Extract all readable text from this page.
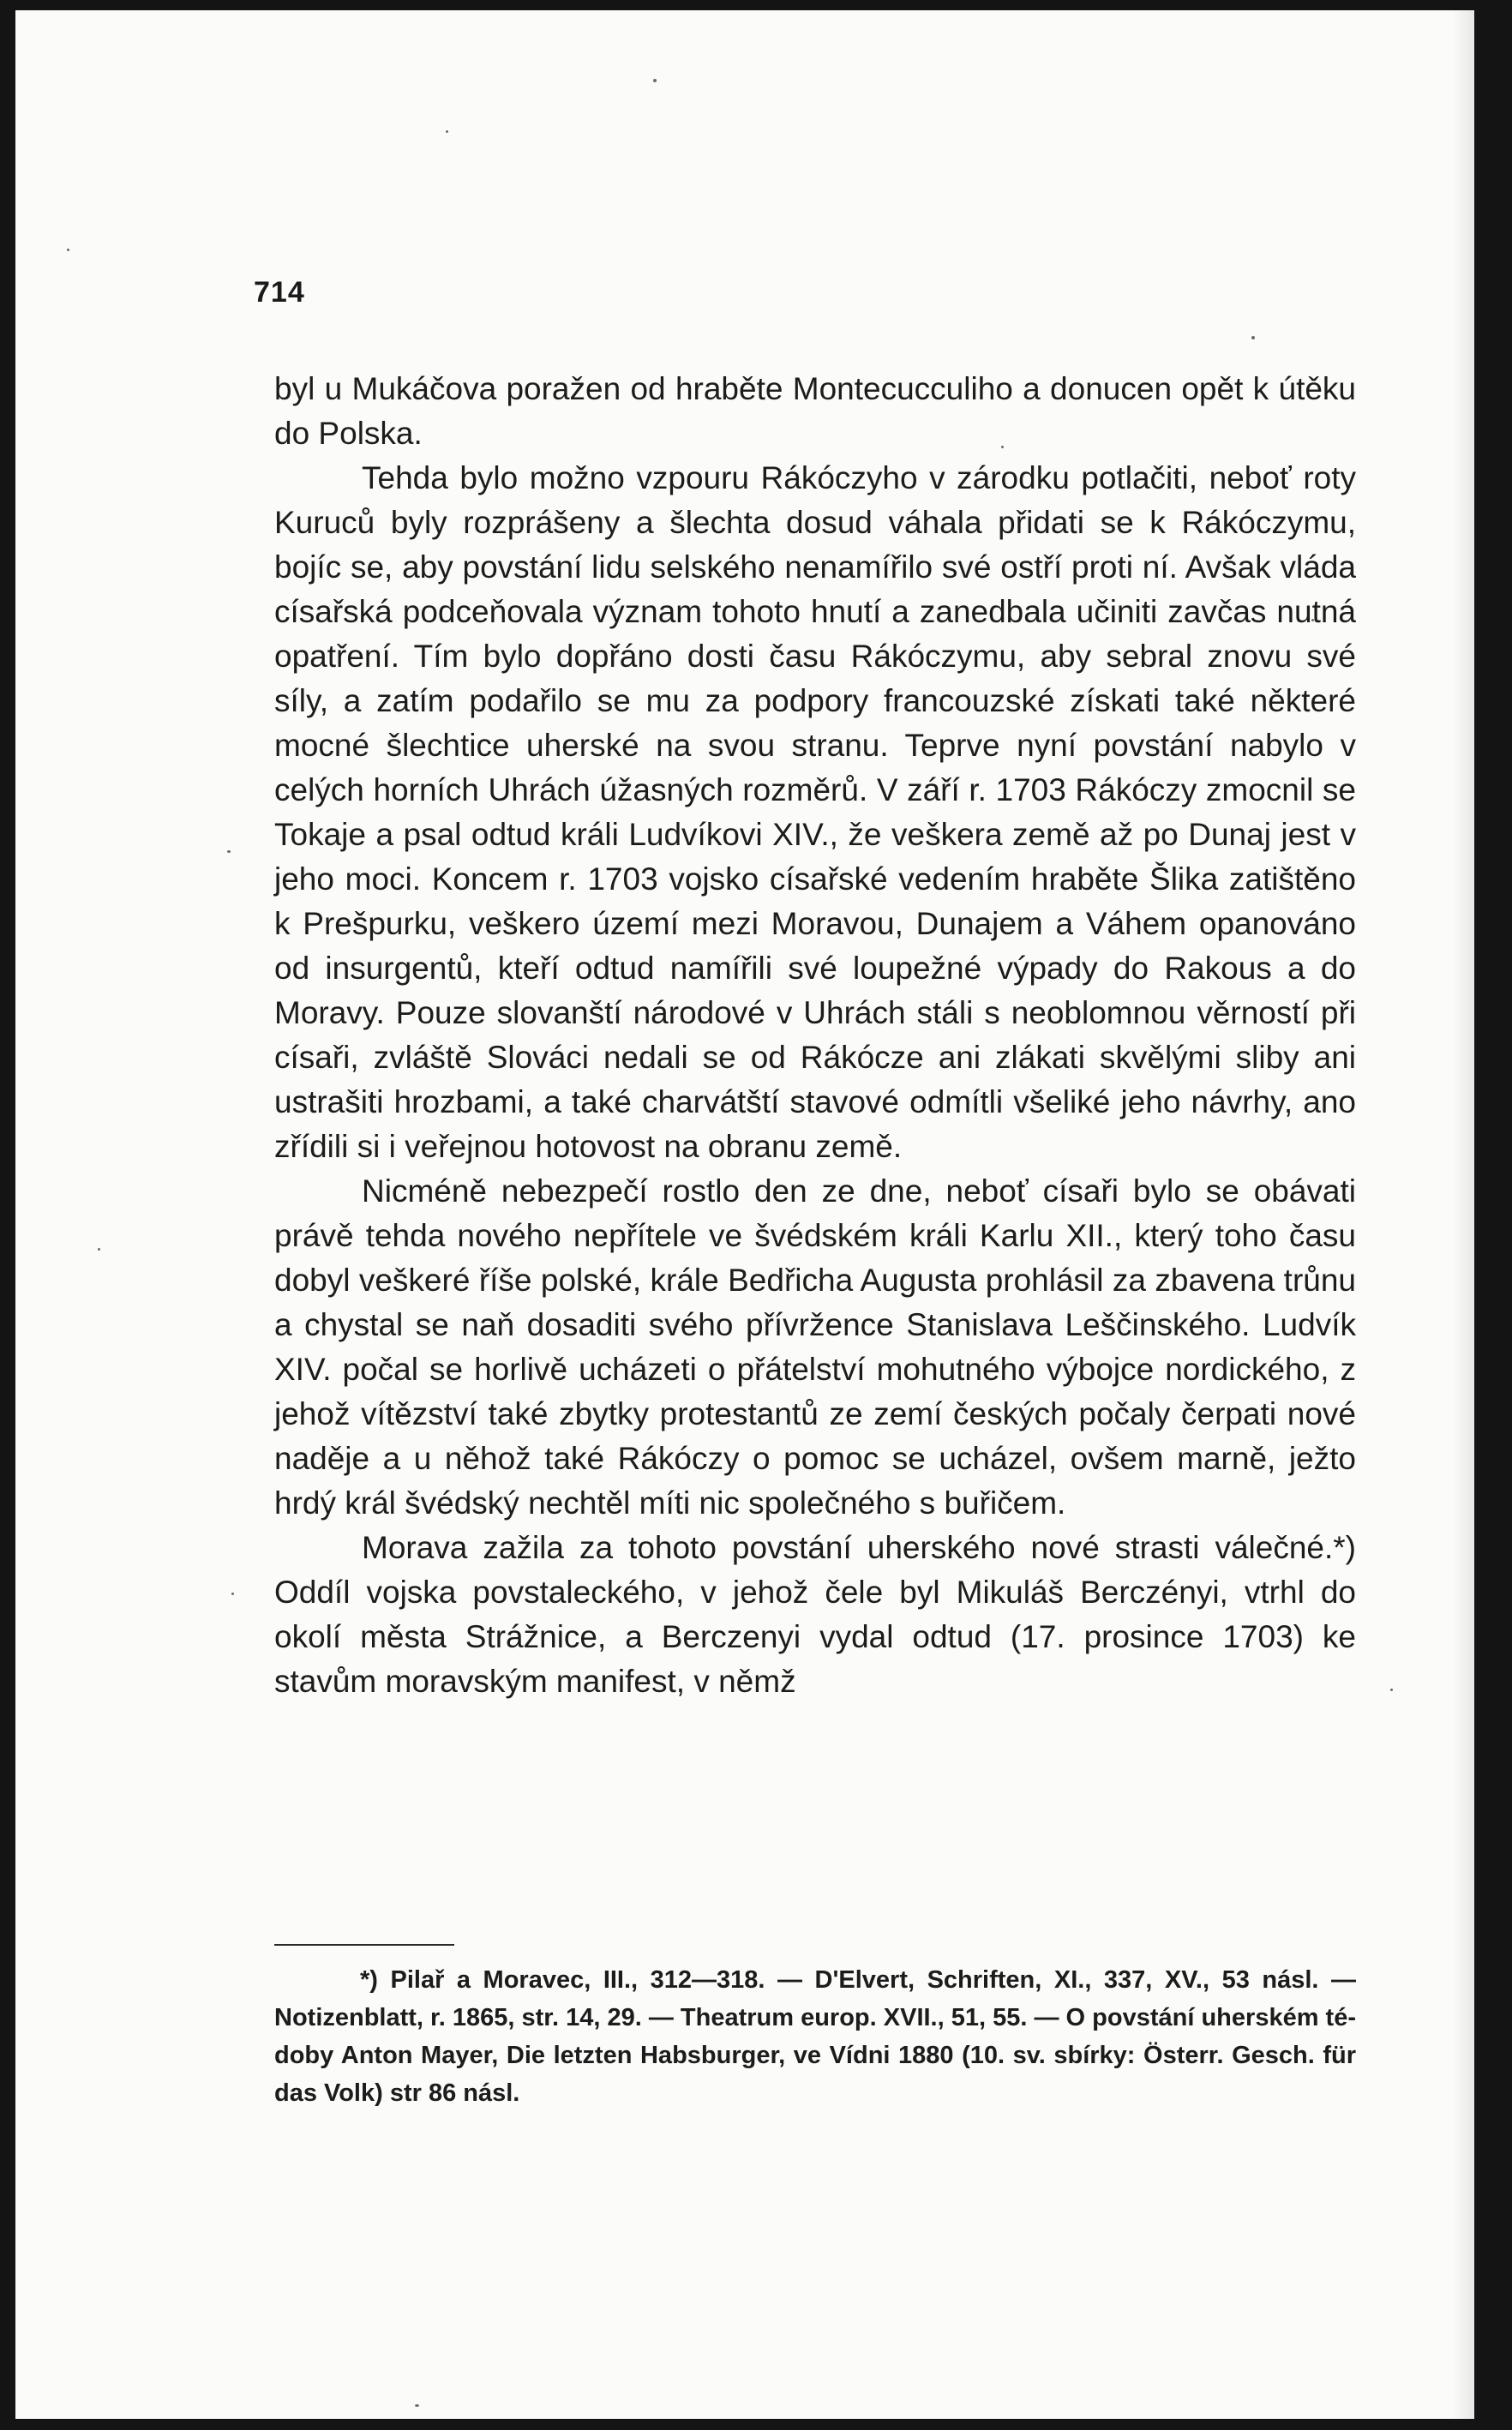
714

byl u Mukáčova poražen od hraběte Montecucculiho a donucen opět k útěku do Polska.

Tehda bylo možno vzpouru Rákóczyho v zárodku potlačiti, neboť roty Kuruců byly rozprášeny a šlechta dosud váhala přidati se k Rákóczymu, bojíc se, aby povstání lidu selského nenamířilo své ostří proti ní. Avšak vláda císařská podceňovala význam tohoto hnutí a zanedbala učiniti zavčas nutná opatření. Tím bylo dopřáno dosti času Rákóczymu, aby sebral znovu své síly, a zatím podařilo se mu za podpory francouzské získati také některé mocné šlechtice uherské na svou stranu. Teprve nyní povstání nabylo v celých horních Uhrách úžasných rozměrů. V září r. 1703 Rákóczy zmocnil se Tokaje a psal odtud králi Ludvíkovi XIV., že veškera země až po Dunaj jest v jeho moci. Koncem r. 1703 vojsko císařské vedením hraběte Šlika zatištěno k Prešpurku, veškero území mezi Moravou, Dunajem a Váhem opanováno od insurgentů, kteří odtud namířili své loupežné výpady do Rakous a do Moravy. Pouze slovanští národové v Uhrách stáli s neoblomnou věrností při císaři, zvláště Slováci nedali se od Rákócze ani zlákati skvělými sliby ani ustrašiti hrozbami, a také charvátští stavové odmítli všeliké jeho návrhy, ano zřídili si i veřejnou hotovost na obranu země.

Nicméně nebezpečí rostlo den ze dne, neboť císaři bylo se obávati právě tehda nového nepřítele ve švédském králi Karlu XII., který toho času dobyl veškeré říše polské, krále Bedřicha Augusta prohlásil za zbavena trůnu a chystal se naň dosaditi svého přívržence Stanislava Leščinského. Ludvík XIV. počal se horlivě ucházeti o přátelství mohutného výbojce nordického, z jehož vítězství také zbytky protestantů ze zemí českých počaly čerpati nové naděje a u něhož také Rákóczy o pomoc se ucházel, ovšem marně, ježto hrdý král švédský nechtěl míti nic společného s buřičem.

Morava zažila za tohoto povstání uherského nové strasti válečné.*) Oddíl vojska povstaleckého, v jehož čele byl Mikuláš Berczényi, vtrhl do okolí města Strážnice, a Berczenyi vydal odtud (17. prosince 1703) ke stavům moravským manifest, v němž

*) Pilař a Moravec, III., 312—318. — D'Elvert, Schriften, XI., 337, XV., 53 násl. — Notizenblatt, r. 1865, str. 14, 29. — Theatrum europ. XVII., 51, 55. — O povstání uherském té-doby Anton Mayer, Die letzten Habsburger, ve Vídni 1880 (10. sv. sbírky: Österr. Gesch. für das Volk) str 86 násl.
